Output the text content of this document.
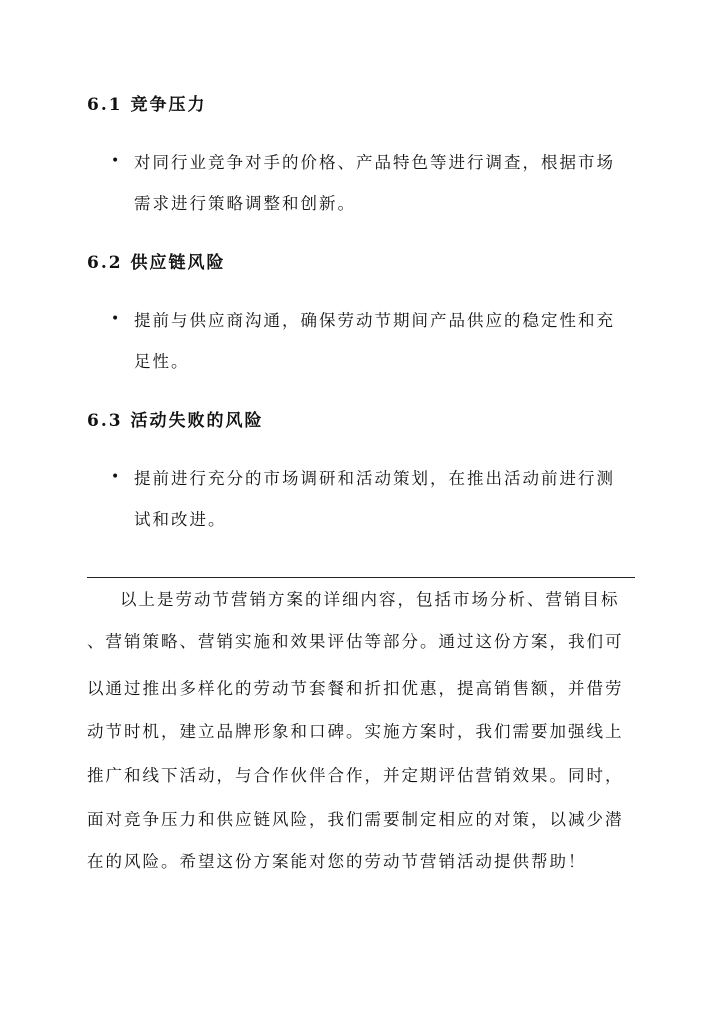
6.1 竞争压力
• 对同行业竞争对手的价格、产品特色等进行调查，根据市场
需求进行策略调整和创新。
6.2 供应链风险
• 提前与供应商沟通，确保劳动节期间产品供应的稳定性和充
足性。
6.3 活动失败的风险
• 提前进行充分的市场调研和活动策划，在推出活动前进行测
试和改进。
以上是劳动节营销方案的详细内容，包括市场分析、营销目标
、营销策略、营销实施和效果评估等部分。通过这份方案，我们可
以通过推出多样化的劳动节套餐和折扣优惠，提高销售额，并借劳
动节时机，建立品牌形象和口碑。实施方案时，我们需要加强线上
推广和线下活动，与合作伙伴合作，并定期评估营销效果。同时，
面对竞争压力和供应链风险，我们需要制定相应的对策，以减少潜
在的风险。希望这份方案能对您的劳动节营销活动提供帮助！
